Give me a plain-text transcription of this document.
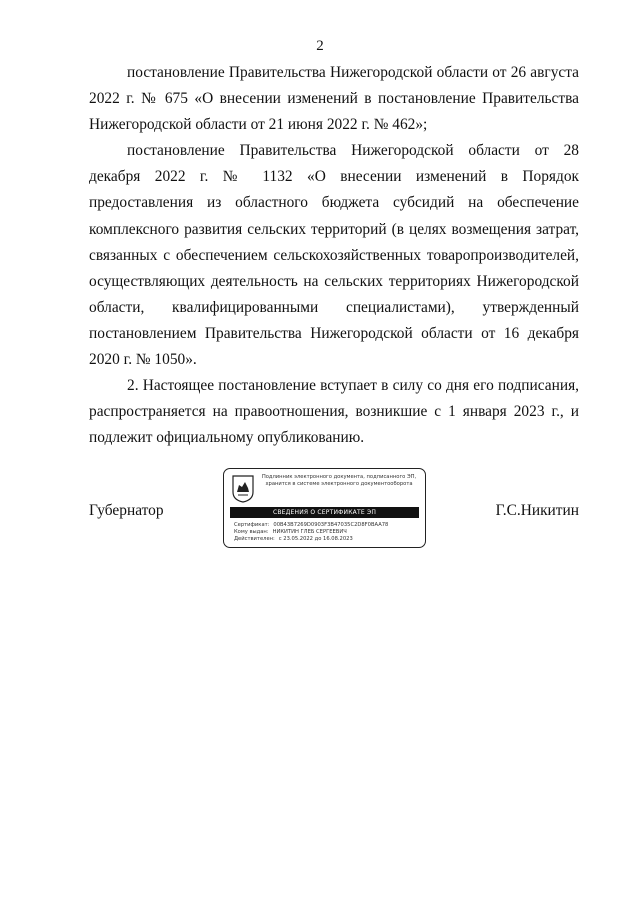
2

постановление Правительства Нижегородской области от 26 августа 2022 г. № 675 «О внесении изменений в постановление Правительства Нижегородской области от 21 июня 2022 г. № 462»;

постановление Правительства Нижегородской области от 28 декабря 2022 г. № 1132 «О внесении изменений в Порядок предоставления из областного бюджета субсидий на обеспечение комплексного развития сельских территорий (в целях возмещения затрат, связанных с обеспечением сельскохозяйственных товаропроизводителей, осуществляющих деятельность на сельских территориях Нижегородской области, квалифицированными специалистами), утвержденный постановлением Правительства Нижегородской области от 16 декабря 2020 г. № 1050».

2. Настоящее постановление вступает в силу со дня его подписания, распространяется на правоотношения, возникшие с 1 января 2023 г., и подлежит официальному опубликованию.

Губернатор
Подлинник электронного документа, подписанного ЭП, хранится в системе электронного документооборота
СВЕДЕНИЯ О СЕРТИФИКАТЕ ЭП
Сертификат: 00B43B7269D0903F3B47035C2D8F0BAA78
Кому выдан: НИКИТИН ГЛЕБ СЕРГЕЕВИЧ
Действителен: с 23.05.2022 до 16.08.2023
Г.С.Никитин
